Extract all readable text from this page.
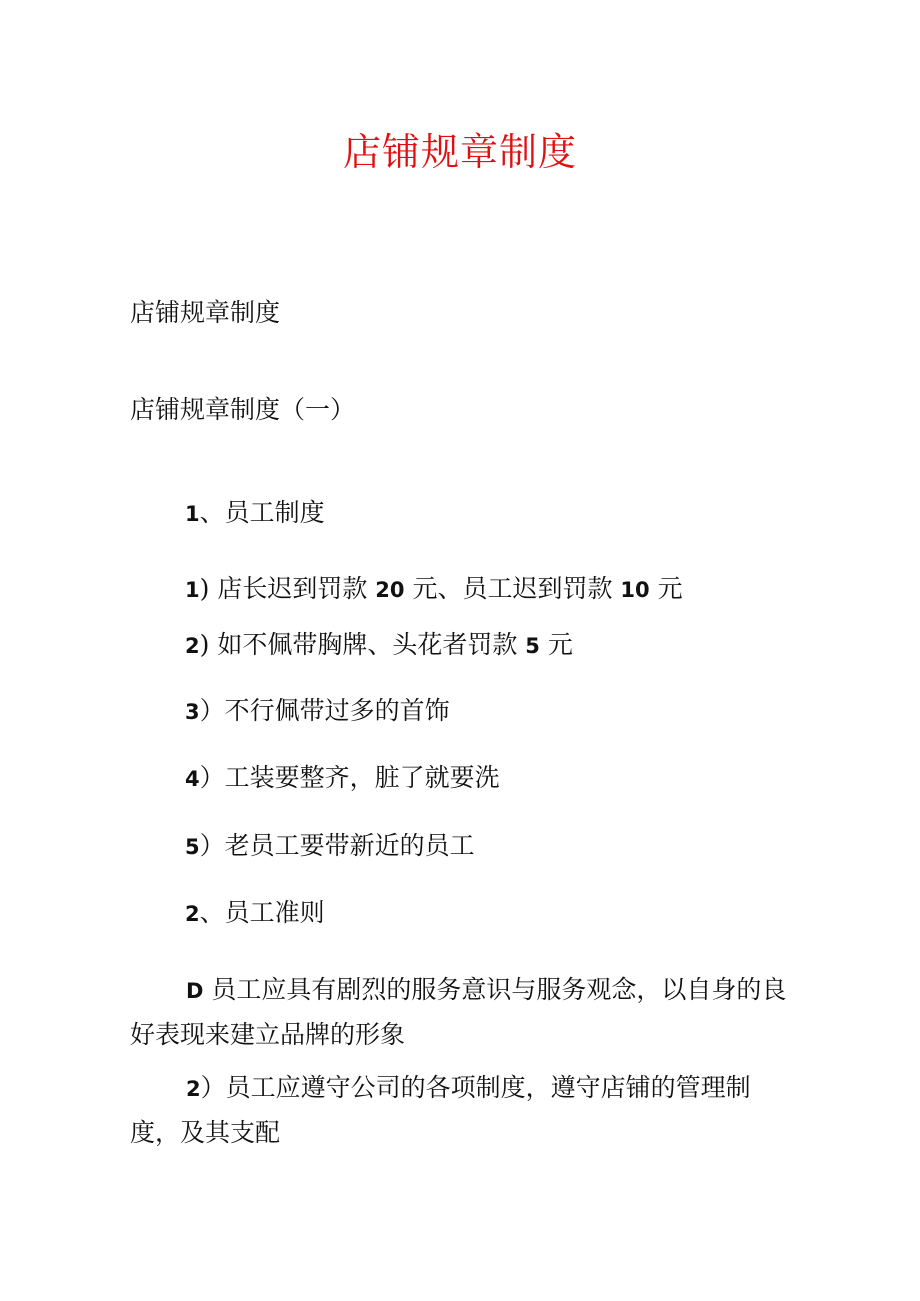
店铺规章制度

店铺规章制度

店铺规章制度（一）

1、员工制度

1) 店长迟到罚款 20 元、员工迟到罚款 10 元

2) 如不佩带胸牌、头花者罚款 5 元

3）不行佩带过多的首饰

4）工装要整齐，脏了就要洗

5）老员工要带新近的员工

2、员工准则

D 员工应具有剧烈的服务意识与服务观念，以自身的良好表现来建立品牌的形象

2）员工应遵守公司的各项制度，遵守店铺的管理制度，及其支配
